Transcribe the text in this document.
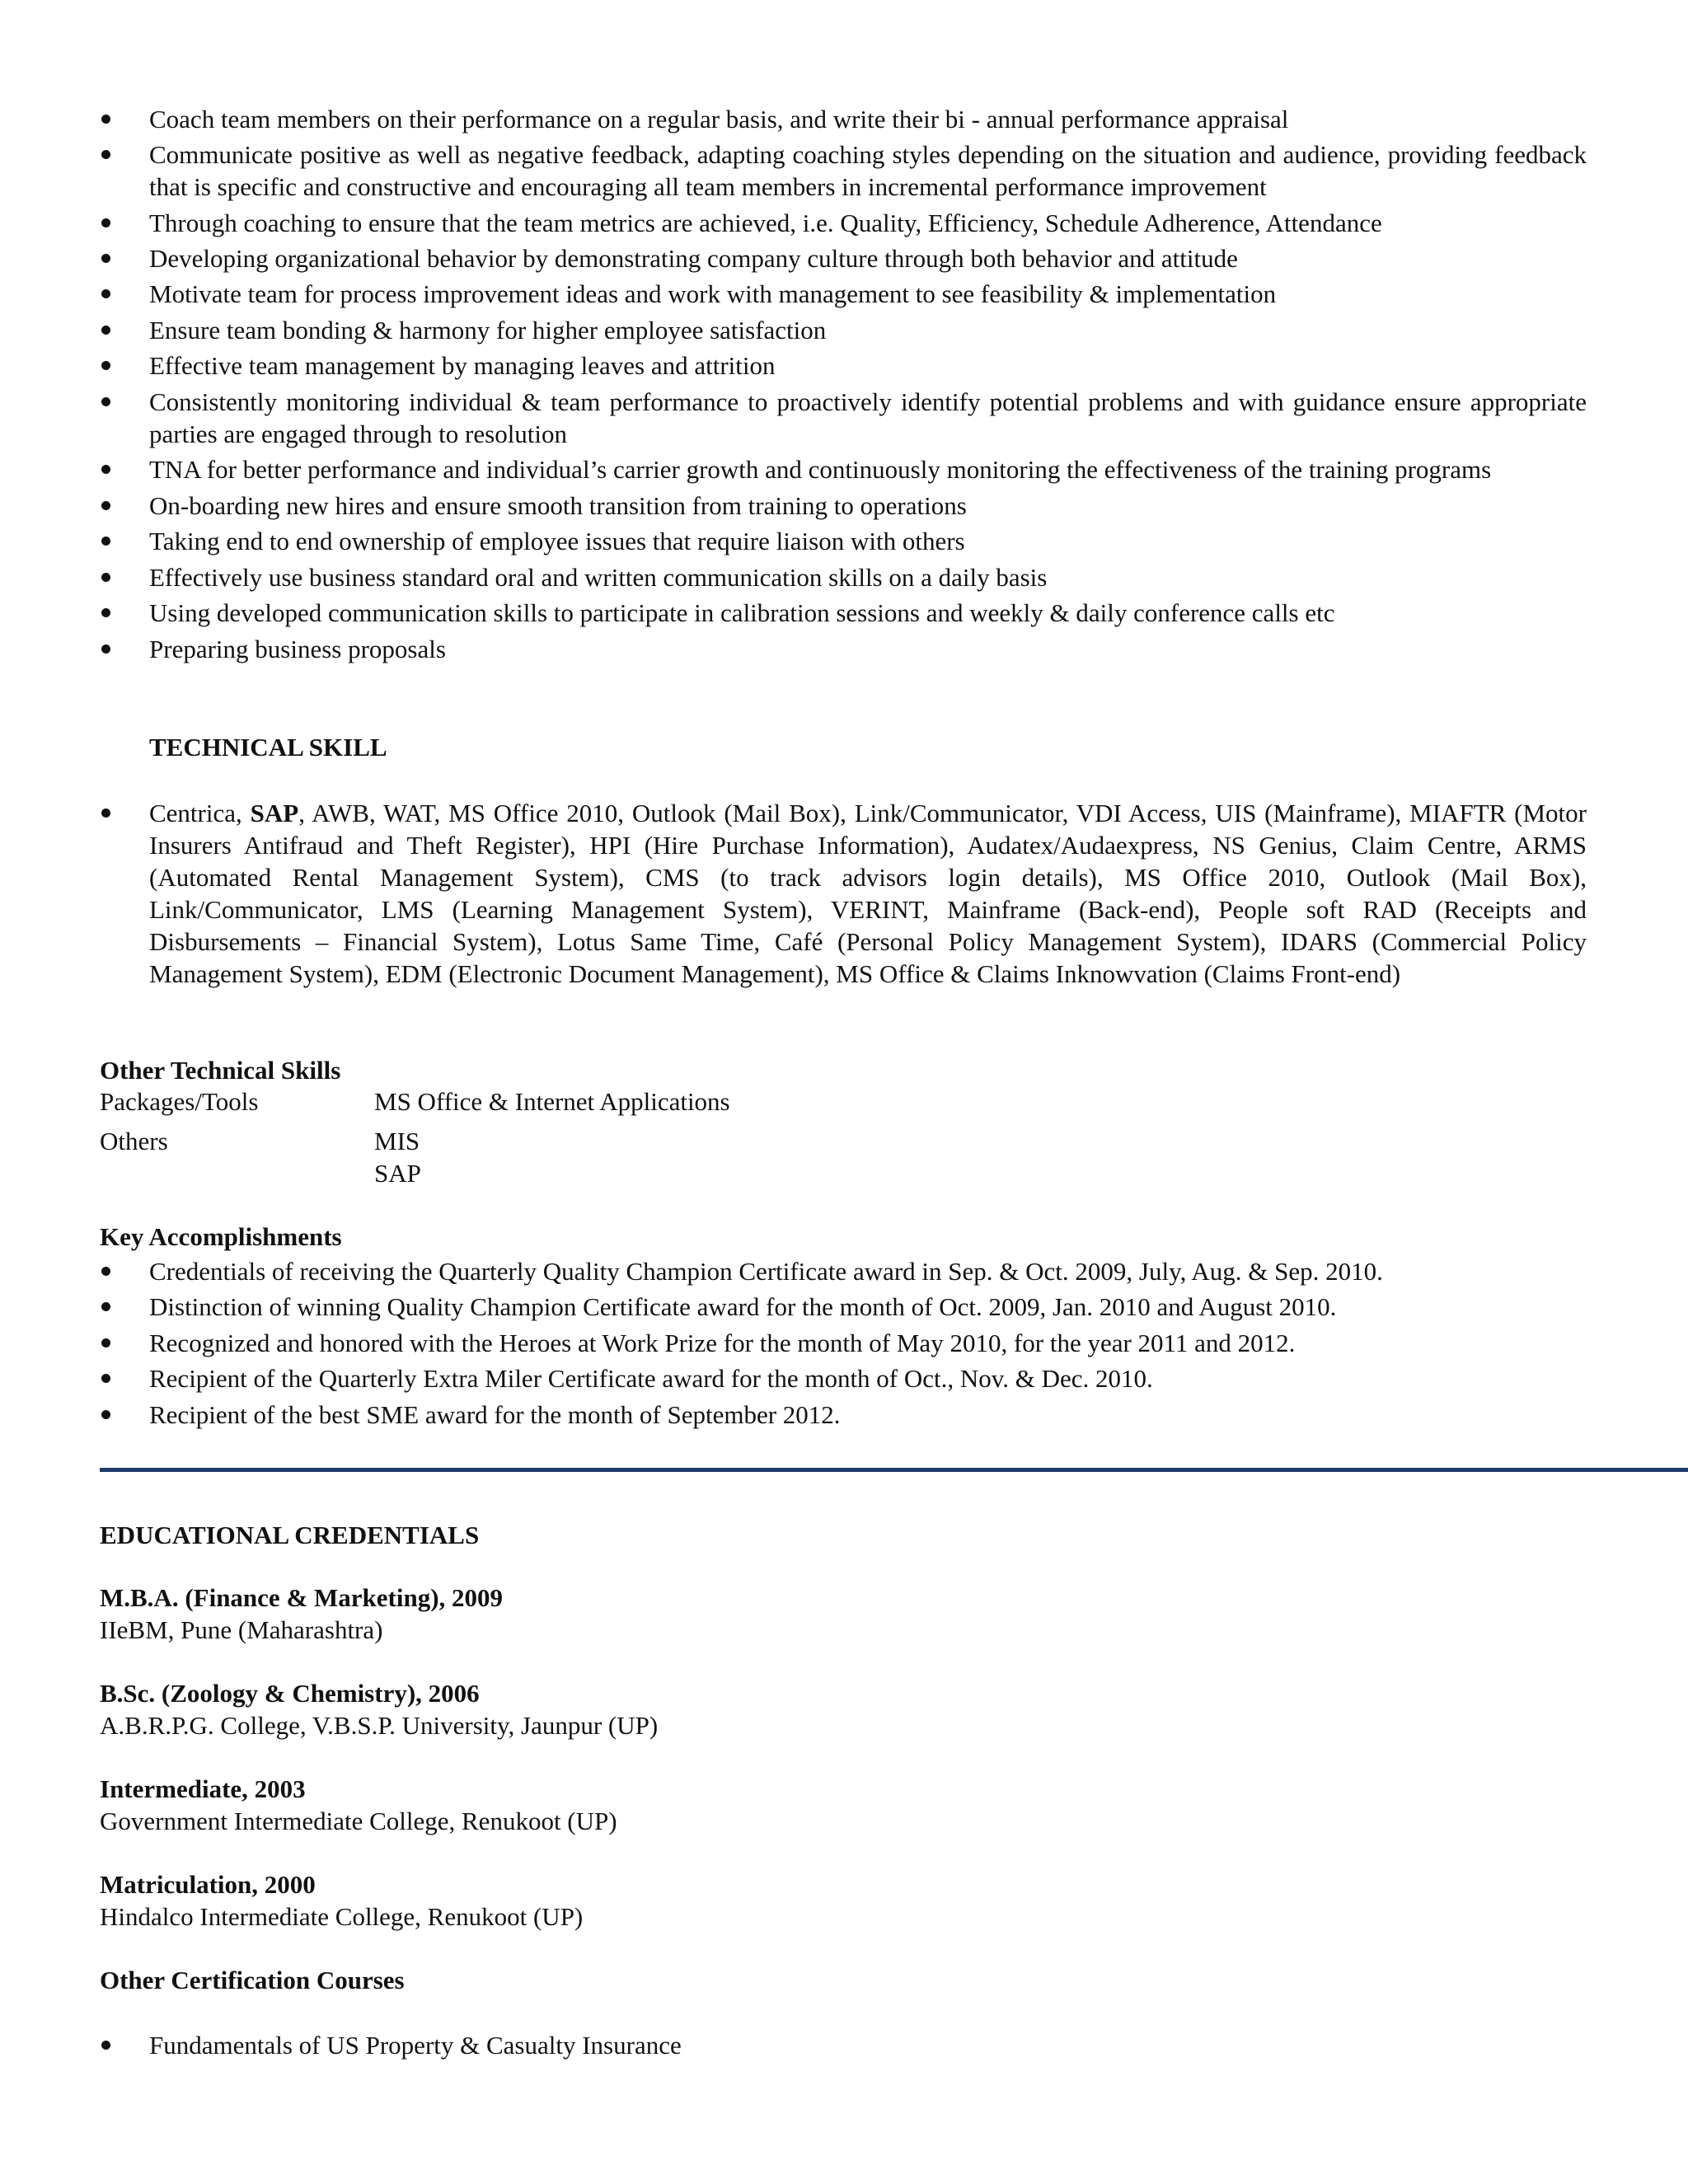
Coach team members on their performance on a regular basis, and write their bi - annual performance appraisal
Communicate positive as well as negative feedback, adapting coaching styles depending on the situation and audience, providing feedback that is specific and constructive and encouraging all team members in incremental performance improvement
Through coaching to ensure that the team metrics are achieved, i.e. Quality, Efficiency, Schedule Adherence, Attendance
Developing organizational behavior by demonstrating company culture through both behavior and attitude
Motivate team for process improvement ideas and work with management to see feasibility & implementation
Ensure team bonding & harmony for higher employee satisfaction
Effective team management by managing leaves and attrition
Consistently monitoring individual & team performance to proactively identify potential problems and with guidance ensure appropriate parties are engaged through to resolution
TNA for better performance and individual’s carrier growth and continuously monitoring the effectiveness of the training programs
On-boarding new hires and ensure smooth transition from training to operations
Taking end to end ownership of employee issues that require liaison with others
Effectively use business standard oral and written communication skills on a daily basis
Using developed communication skills to participate in calibration sessions and weekly & daily conference calls etc
Preparing business proposals
TECHNICAL SKILL
Centrica, SAP, AWB, WAT, MS Office 2010, Outlook (Mail Box), Link/Communicator, VDI Access, UIS (Mainframe), MIAFTR (Motor Insurers Antifraud and Theft Register), HPI (Hire Purchase Information), Audatex/Audaexpress, NS Genius, Claim Centre, ARMS (Automated Rental Management System), CMS (to track advisors login details), MS Office 2010, Outlook (Mail Box), Link/Communicator, LMS (Learning Management System), VERINT, Mainframe (Back-end), People soft RAD (Receipts and Disbursements – Financial System), Lotus Same Time, Café (Personal Policy Management System), IDARS (Commercial Policy Management System), EDM (Electronic Document Management), MS Office & Claims Inknowvation (Claims Front-end)
Other Technical Skills
Packages/Tools	MS Office & Internet Applications
Others	MIS
SAP
Key Accomplishments
Credentials of receiving the Quarterly Quality Champion Certificate award in Sep. & Oct. 2009, July, Aug. & Sep. 2010.
Distinction of winning Quality Champion Certificate award for the month of Oct. 2009, Jan. 2010 and August 2010.
Recognized and honored with the Heroes at Work Prize for the month of May 2010, for the year 2011 and 2012.
Recipient of the Quarterly Extra Miler Certificate award for the month of Oct., Nov. & Dec. 2010.
Recipient of the best SME award for the month of September 2012.
EDUCATIONAL CREDENTIALS
M.B.A. (Finance & Marketing), 2009
IIeBM, Pune (Maharashtra)
B.Sc. (Zoology & Chemistry), 2006
A.B.R.P.G. College, V.B.S.P. University, Jaunpur (UP)
Intermediate, 2003
Government Intermediate College, Renukoot (UP)
Matriculation, 2000
Hindalco Intermediate College, Renukoot (UP)
Other Certification Courses
Fundamentals of US Property & Casualty Insurance
